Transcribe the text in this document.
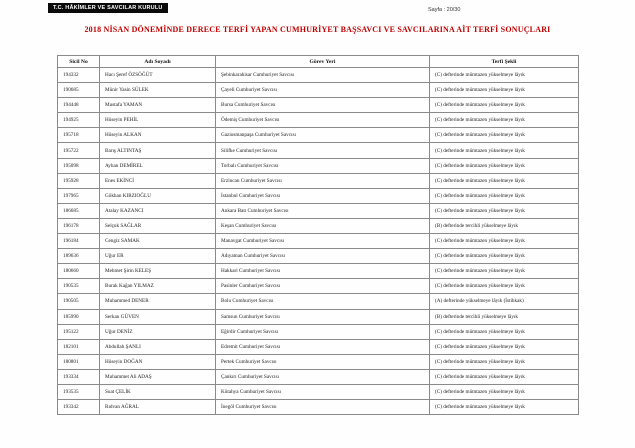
T.C. HÂKİMLER VE SAVCILAR KURULU	Sayfa : 20/30
2018 NİSAN DÖNEMİNDE DERECE TERFİ YAPAN CUMHURİYET BAŞSAVCI VE SAVCILARINA AİT TERFİ SONUÇLARI
Sicil No	Adı Soyadı	Görev Yeri	Terfi Şekli
194332	Hacı Şeref ÖZSÖĞÜT	Şebinkarahisar Cumhuriyet Savcısı	(C) defterinde mümtazen yükselmeye lâyık
190685	Münir Yasin SÜLEK	Çayeli Cumhuriyet Savcısı	(C) defterinde mümtazen yükselmeye lâyık
194448	Mustafa YAMAN	Bursa Cumhuriyet Savcısı	(C) defterinde mümtazen yükselmeye lâyık
194925	Hüseyin PEHİL	Ödemiş Cumhuriyet Savcısı	(C) defterinde mümtazen yükselmeye lâyık
195718	Hüseyin ALKAN	Gaziosmanpaşa Cumhuriyet Savcısı	(C) defterinde mümtazen yükselmeye lâyık
195722	Barış ALTINTAŞ	Silifke Cumhuriyet Savcısı	(C) defterinde mümtazen yükselmeye lâyık
195098	Ayhan DEMİREL	Torbalı Cumhuriyet Savcısı	(C) defterinde mümtazen yükselmeye lâyık
195928	Enes EKİNCİ	Erzincan Cumhuriyet Savcısı	(C) defterinde mümtazen yükselmeye lâyık
197965	Gökhan KIRZIOĞLU	İstanbul Cumhuriyet Savcısı	(C) defterinde mümtazen yükselmeye lâyık
186685	Atalay KAZANCI	Ankara Batı Cumhuriyet Savcısı	(C) defterinde mümtazen yükselmeye lâyık
196178	Selçuk SAĞLAR	Keşan Cumhuriyet Savcısı	(B) defterinde tercihli yükselmeye lâyık
196184	Cengiz SAMAK	Manavgat Cumhuriyet Savcısı	(C) defterinde mümtazen yükselmeye lâyık
189636	Uğur ER	Adıyaman Cumhuriyet Savcısı	(C) defterinde mümtazen yükselmeye lâyık
180660	Mehmet Şirin KELEŞ	Hakkari Cumhuriyet Savcısı	(C) defterinde mümtazen yükselmeye lâyık
190535	Burak Kağan YILMAZ	Pasinler Cumhuriyet Savcısı	(C) defterinde mümtazen yükselmeye lâyık
190505	Muhammed DENER	Bolu Cumhuriyet Savcısı	(A) defterinde yükselmeye lâyık (İstihkak)
185990	Serkan GÜVEN	Samsun Cumhuriyet Savcısı	(B) defterinde tercihli yükselmeye lâyık
195122	Uğur DENİZ	Eğirdir Cumhuriyet Savcısı	(C) defterinde mümtazen yükselmeye lâyık
182101	Abdullah ŞANLI	Edremit Cumhuriyet Savcısı	(C) defterinde mümtazen yükselmeye lâyık
180801	Hüseyin DOĞAN	Pertek Cumhuriyet Savcısı	(C) defterinde mümtazen yükselmeye lâyık
193334	Muhammet Ali ADAŞ	Çankırı Cumhuriyet Savcısı	(C) defterinde mümtazen yükselmeye lâyık
193535	Suat ÇELİK	Kütahya Cumhuriyet Savcısı	(C) defterinde mümtazen yükselmeye lâyık
193342	Rıdvan AĞRAL	İnegöl Cumhuriyet Savcısı	(C) defterinde mümtazen yükselmeye lâyık
